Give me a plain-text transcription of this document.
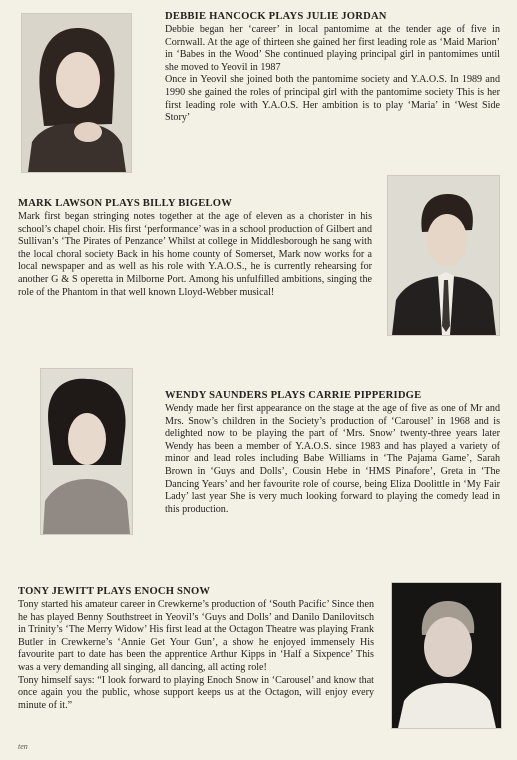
DEBBIE HANCOCK PLAYS JULIE JORDAN

Debbie began her ‘career’ in local pantomime at the tender age of five in Cornwall. At the age of thirteen she gained her first leading role as ‘Maid Marion’ in ‘Babes in the Wood’ She continued playing principal girl in pantomimes until she moved to Yeovil in 1987

Once in Yeovil she joined both the pantomime society and Y.A.O.S. In 1989 and 1990 she gained the roles of principal girl with the pantomime society This is her first leading role with Y.A.O.S. Her ambition is to play ‘Maria’ in ‘West Side Story’

MARK LAWSON PLAYS BILLY BIGELOW

Mark first began stringing notes together at the age of eleven as a chorister in his school’s chapel choir. His first ‘performance’ was in a school production of Gilbert and Sullivan’s ‘The Pirates of Penzance’ Whilst at college in Middlesborough he sang with the local choral society Back in his home county of Somerset, Mark now works for a local newspaper and as well as his role with Y.A.O.S., he is currently rehearsing for another G & S operetta in Milborne Port. Among his unfulfilled ambitions, singing the role of the Phantom in that well known Lloyd-Webber musical!

WENDY SAUNDERS PLAYS CARRIE PIPPERIDGE

Wendy made her first appearance on the stage at the age of five as one of Mr and Mrs. Snow’s children in the Society’s production of ‘Carousel’ in 1968 and is delighted now to be playing the part of ‘Mrs. Snow’ twenty-three years later Wendy has been a member of Y.A.O.S. since 1983 and has played a variety of minor and lead roles including Babe Williams in ‘The Pajama Game’, Sarah Brown in ‘Guys and Dolls’, Cousin Hebe in ‘HMS Pinafore’, Greta in ‘The Dancing Years’ and her favourite role of course, being Eliza Doolittle in ‘My Fair Lady’ last year She is very much looking forward to playing the comedy lead in this production.

TONY JEWITT PLAYS ENOCH SNOW

Tony started his amateur career in Crewkerne’s production of ‘South Pacific’ Since then he has played Benny Southstreet in Yeovil’s ‘Guys and Dolls’ and Danilo Danilovitsch in Trinity’s ‘The Merry Widow’ His first lead at the Octagon Theatre was playing Frank Butler in Crewkerne’s ‘Annie Get Your Gun’, a show he enjoyed immensely His favourite part to date has been the apprentice Arthur Kipps in ‘Half a Sixpence’ This was a very demanding all singing, all dancing, all acting role!

Tony himself says: “I look forward to playing Enoch Snow in ‘Carousel’ and know that once again you the public, whose support keeps us at the Octagon, will enjoy every minute of it.”

ten
